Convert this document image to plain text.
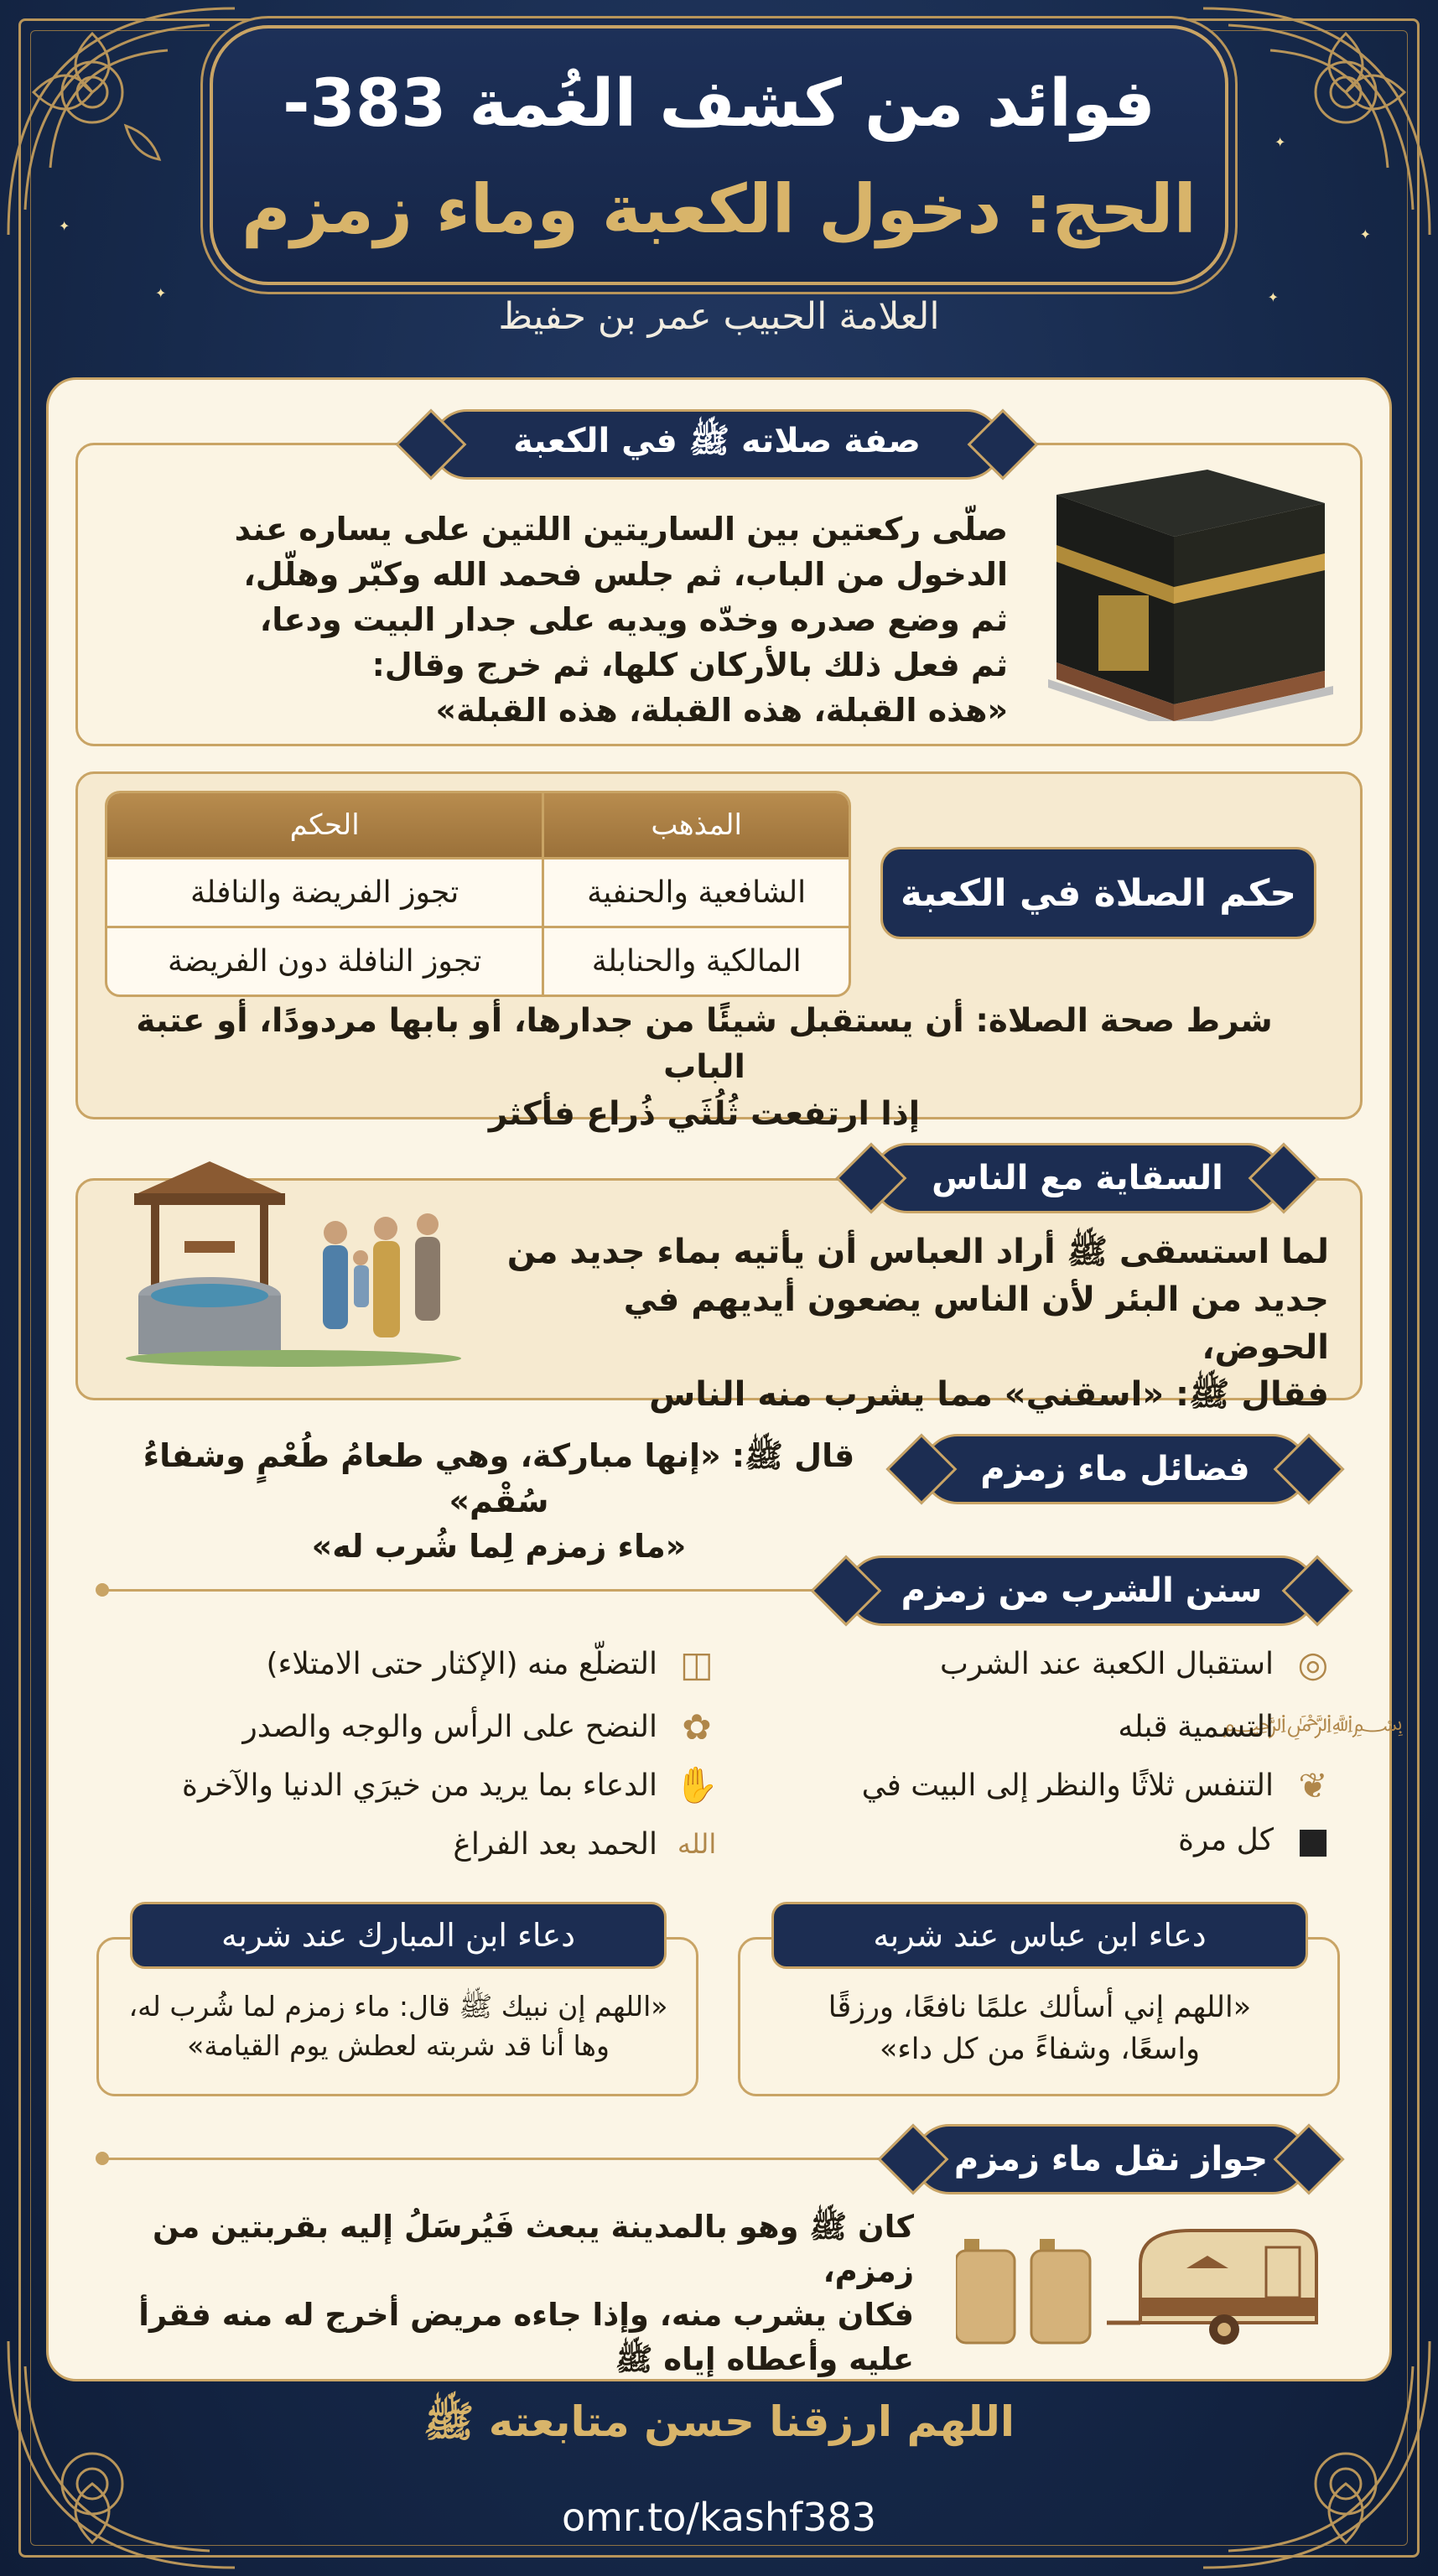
✦
✦
✦
✦
✦
فوائد من كشف الغُمة 383-
الحج: دخول الكعبة وماء زمزم
العلامة الحبيب عمر بن حفيظ
صفة صلاته ﷺ في الكعبة
صلّى ركعتين بين الساريتين اللتين على يساره عند
الدخول من الباب، ثم جلس فحمد الله وكبّر وهلّل،
ثم وضع صدره وخدّه ويديه على جدار البيت ودعا،
ثم فعل ذلك بالأركان كلها، ثم خرج وقال:
«هذه القبلة، هذه القبلة، هذه القبلة»
حكم الصلاة في الكعبة
المذهب	الحكم
الشافعية والحنفية	تجوز الفريضة والنافلة
المالكية والحنابلة	تجوز النافلة دون الفريضة
شرط صحة الصلاة: أن يستقبل شيئًا من جدارها، أو بابها مردودًا، أو عتبة الباب
إذا ارتفعت ثُلُثَي ذُراع فأكثر
السقاية مع الناس
لما استسقى ﷺ أراد العباس أن يأتيه بماء جديد من
جديد من البئر لأن الناس يضعون أيديهم في الحوض،
فقال ﷺ: «اسقني» مما يشرب منه الناس
فضائل ماء زمزم
قال ﷺ: «إنها مباركة، وهي طعامُ طُعْمٍ وشفاءُ سُقْم»
«ماء زمزم لِما شُرب له»
سنن الشرب من زمزم
◎
استقبال الكعبة عند الشرب
﷽
التسمية قبله
❦
التنفس ثلاثًا والنظر إلى البيت في
■
كل مرة
◫
التضلّع منه (الإكثار حتى الامتلاء)
✿
النضح على الرأس والوجه والصدر
✋
الدعاء بما يريد من خيرَي الدنيا والآخرة
الله
الحمد بعد الفراغ
دعاء ابن عباس عند شربه
«اللهم إني أسألك علمًا نافعًا، ورزقًا
واسعًا، وشفاءً من كل داء»
دعاء ابن المبارك عند شربه
«اللهم إن نبيك ﷺ قال: ماء زمزم لما شُرب له،
وها أنا قد شربته لعطش يوم القيامة»
جواز نقل ماء زمزم
كان ﷺ وهو بالمدينة يبعث فَيُرسَلُ إليه بقربتين من زمزم،
فكان يشرب منه، وإذا جاءه مريض أخرج له منه فقرأ
عليه وأعطاه إياه ﷺ
اللهم ارزقنا حسن متابعته ﷺ
omr.to/kashf383
